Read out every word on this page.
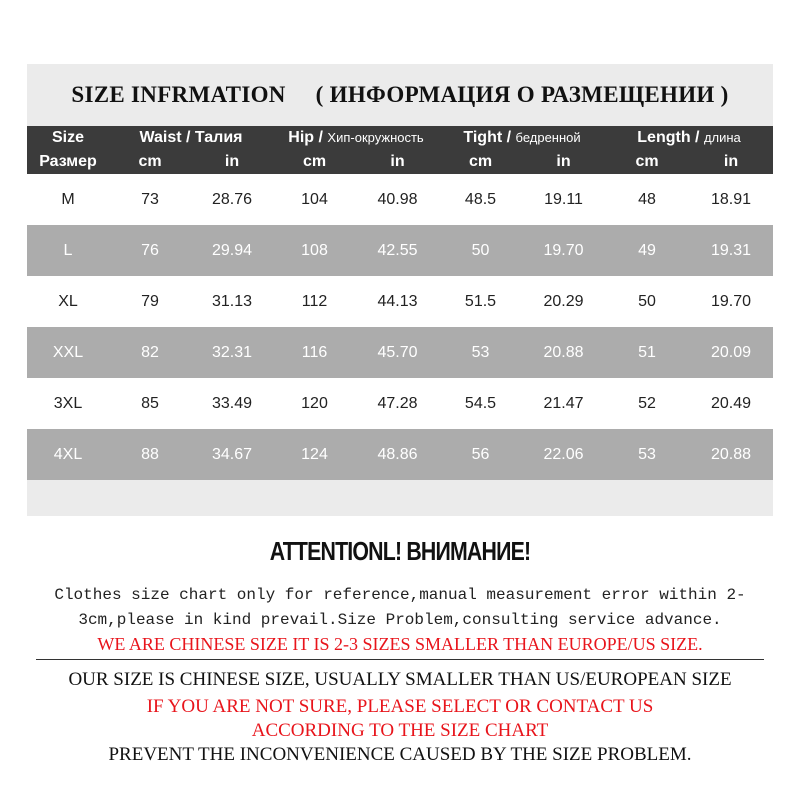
SIZE INFRMATION ( ИНФОРМАЦИЯ О РАЗМЕЩЕНИИ )
Size	Waist / Талия		Hip / Хип-окружность		Tight / бедренной		Length / длина	
Размер	cm	in	cm	in	cm	in	cm	in
M	73	28.76	104	40.98	48.5	19.11	48	18.91
L	76	29.94	108	42.55	50	19.70	49	19.31
XL	79	31.13	112	44.13	51.5	20.29	50	19.70
XXL	82	32.31	116	45.70	53	20.88	51	20.09
3XL	85	33.49	120	47.28	54.5	21.47	52	20.49
4XL	88	34.67	124	48.86	56	22.06	53	20.88
ATTENTIONL! ВНИМАНИЕ!
Clothes size chart only for reference,manual measurement error within 2-
3cm,please in kind prevail.Size Problem,consulting service advance.
WE ARE CHINESE SIZE IT IS 2-3 SIZES SMALLER THAN EUROPE/US SIZE.
OUR SIZE IS CHINESE SIZE, USUALLY SMALLER THAN US/EUROPEAN SIZE
IF YOU ARE NOT SURE, PLEASE SELECT OR CONTACT US
ACCORDING TO THE SIZE CHART
PREVENT THE INCONVENIENCE CAUSED BY THE SIZE PROBLEM.
